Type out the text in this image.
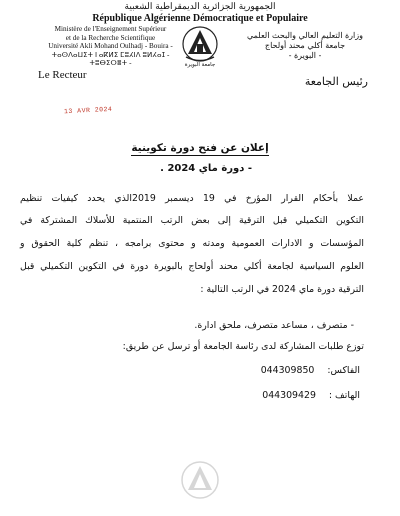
الجمهورية الجزائرية الديمقراطية الشعبية
République Algérienne Démocratique et Populaire
Ministère de l'Enseignement Supérieur
et de la Recherche Scientifique
Université Akli Mohand Oulhadj - Bouira -
ⵜⴰⵙⴷⴰⵡⵉⵜ ⵏ ⴰⴽⵍⵉ ⵎⵓⵃⵏⴷ ⵓⵍⵃⴰⵊ - ⵜⵓⴱⵉⵔⴻⵜ -	جامعة البويرة
وزارة التعليم العالي والبحث العلمي
جامعة أكلي محند أولحاج
- البويرة -
Le Recteur	رئيس الجامعة
13 AVR 2024
إعلان عن فتح دورة تكوينية
- دورة ماي 2024 .
عملا بأحكام القرار المؤرخ في 19 ديسمبر 2019الذي يحدد كيفيات تنظيم
التكوين التكميلي قبل الترقية إلى بعض الرتب المنتمية للأسلاك المشتركة في
المؤسسات و الادارات العمومية ومدته و محتوى برامجه ، تنظم كلية الحقوق و
العلوم السياسية لجامعة أكلي محند أولحاج بالبويرة دورة في التكوين التكميلي قبل
الترقية دورة ماي 2024 في الرتب التالية :
- متصرف ، مساعد متصرف، ملحق ادارة.
توزع طلبات المشاركة لدى رئاسة الجامعة أو ترسل عن طريق:
الفاكس: 044309850
الهاتف : 044309429
